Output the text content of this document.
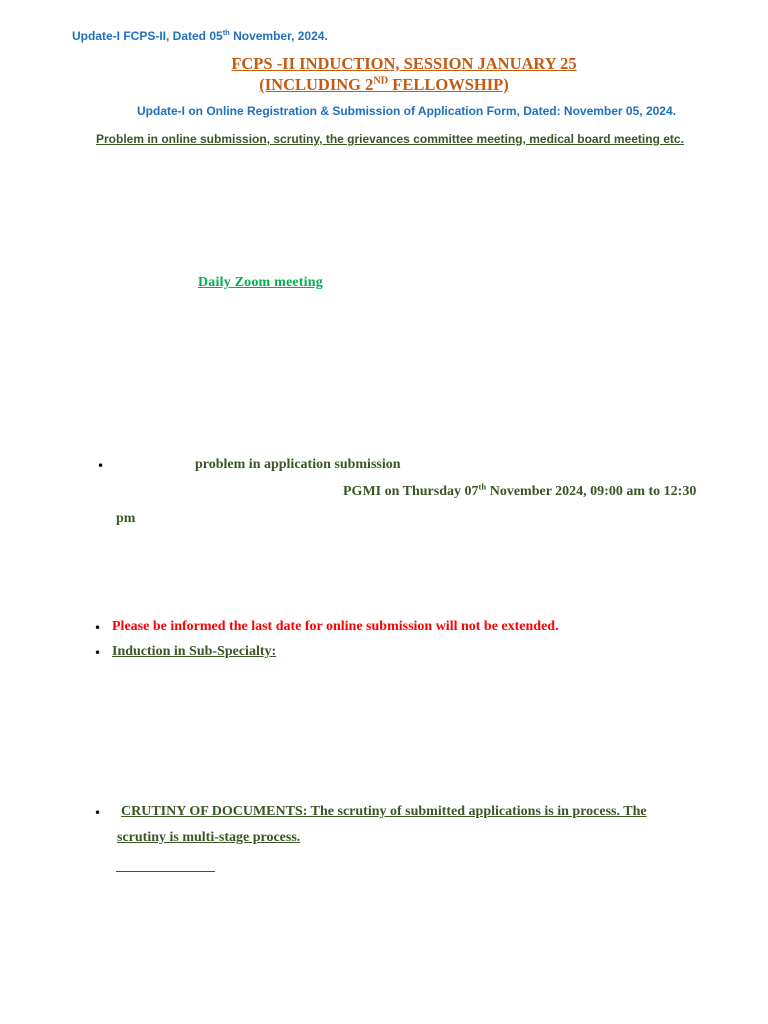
Update-I FCPS-II, Dated 05th November, 2024.
FCPS -II INDUCTION, SESSION JANUARY 25
(INCLUDING 2ND FELLOWSHIP)
Update-I on Online Registration & Submission of Application Form, Dated: November 05, 2024.
Problem in online submission, scrutiny, the grievances committee meeting, medical board meeting etc.
Daily Zoom meeting
•	problem in application submission
PGMI on Thursday 07th November 2024, 09:00 am to 12:30
pm
• Please be informed the last date for online submission will not be extended.
• Induction in Sub-Specialty:
• CRUTINY OF DOCUMENTS: The scrutiny of submitted applications is in process. The
scrutiny is multi-stage process.
